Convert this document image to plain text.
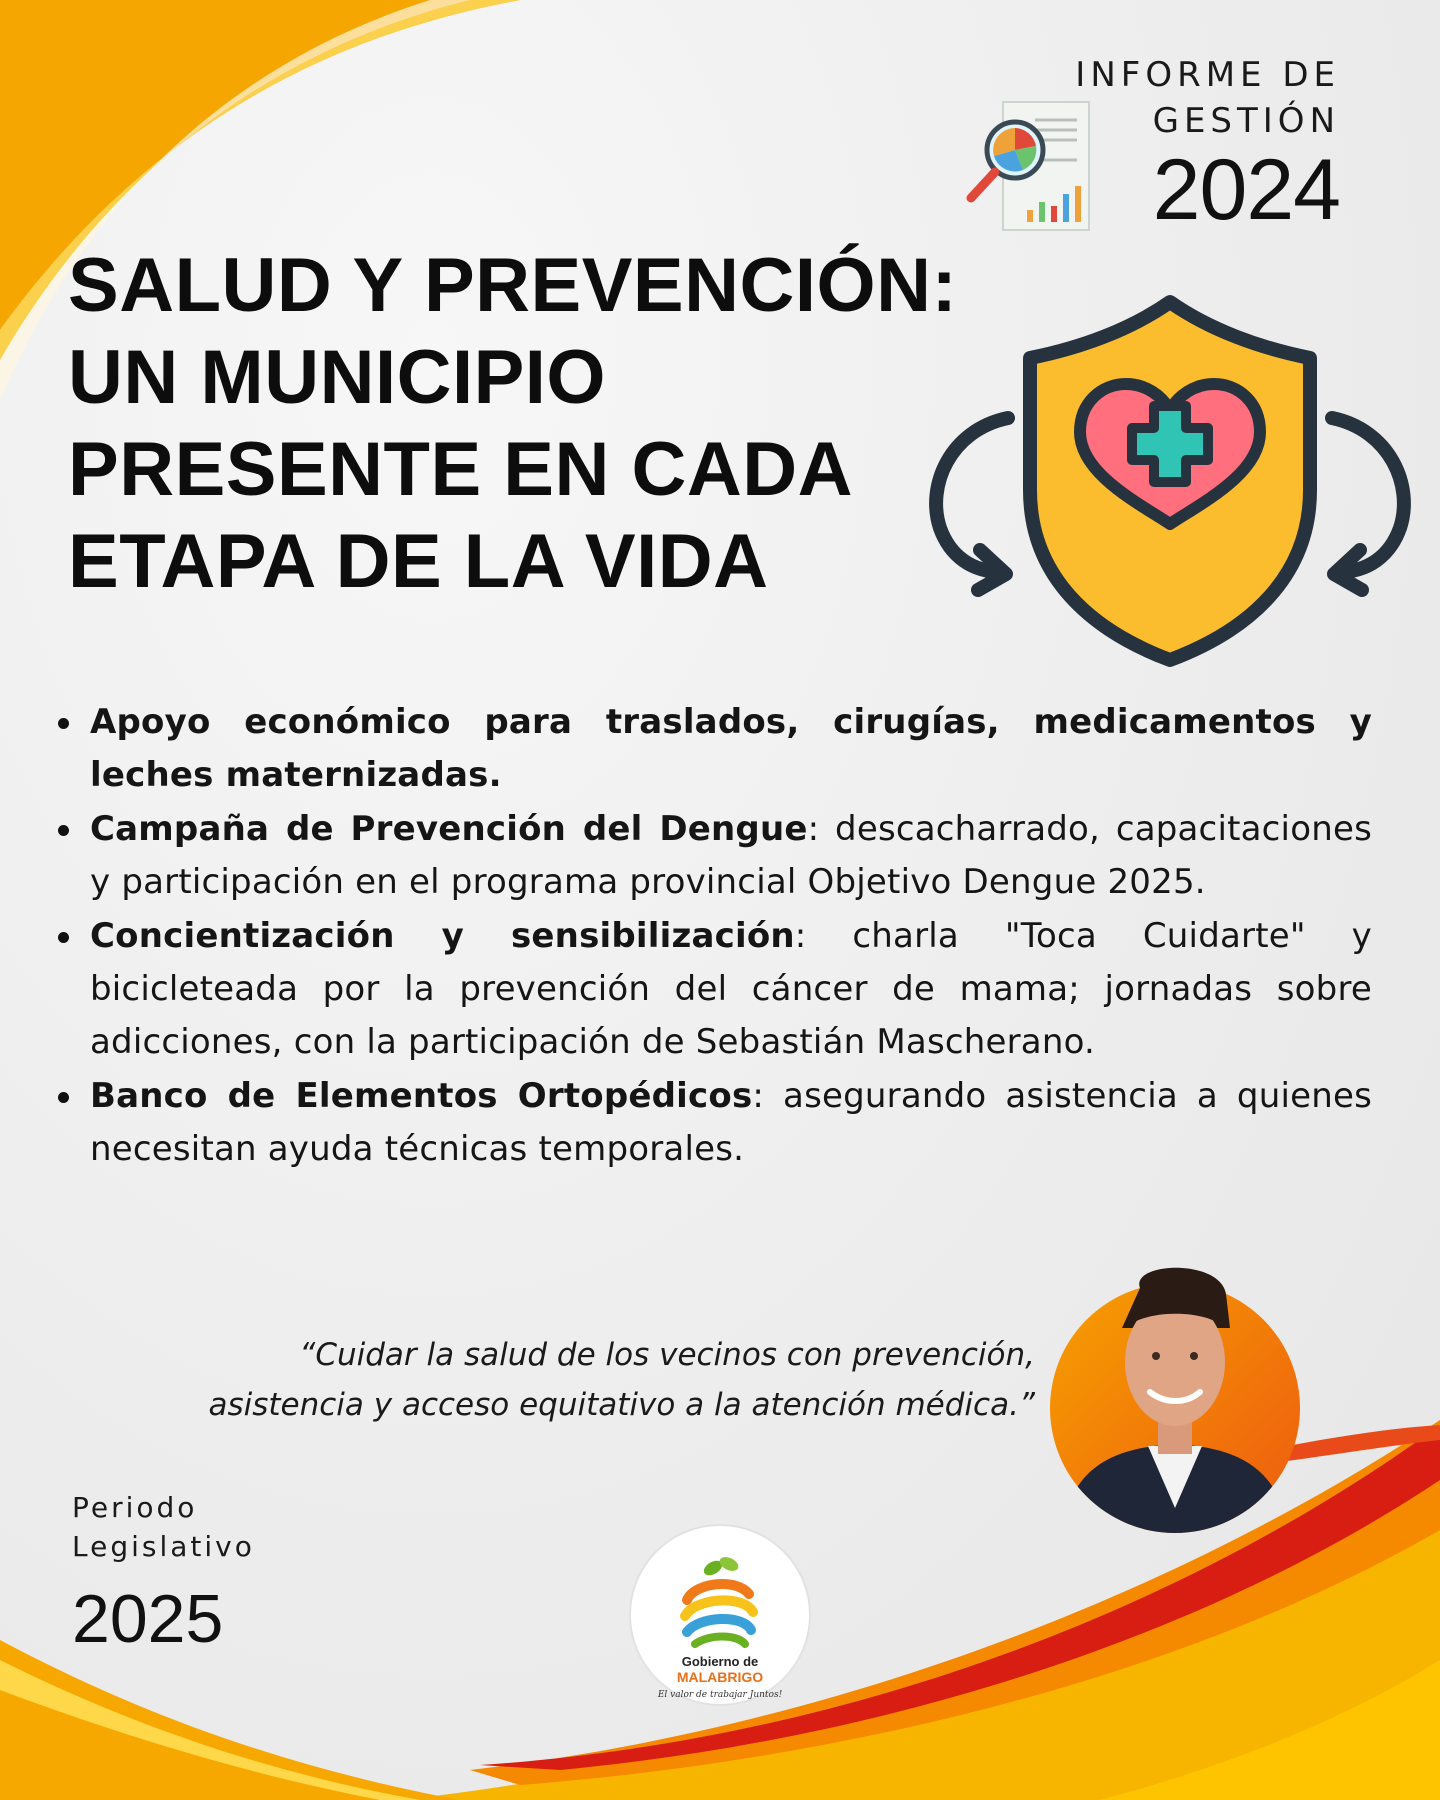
INFORME DE
GESTIÓN
2024
SALUD Y PREVENCIÓN:
UN MUNICIPIO
PRESENTE EN CADA
ETAPA DE LA VIDA
Apoyo económico para traslados, cirugías, medicamentos y leches maternizadas.
Campaña de Prevención del Dengue: descacharrado, capacitaciones y participación en el programa provincial Objetivo Dengue 2025.
Concientización y sensibilización: charla "Toca Cuidarte" y bicicleteada por la prevención del cáncer de mama; jornadas sobre adicciones, con la participación de Sebastián Mascherano.
Banco de Elementos Ortopédicos: asegurando asistencia a quienes necesitan ayuda técnicas temporales.
“Cuidar la salud de los vecinos con prevención,
asistencia y acceso equitativo a la atención médica.”
Periodo
Legislativo
2025
Gobierno de
MALABRIGO
El valor de trabajar Juntos!
